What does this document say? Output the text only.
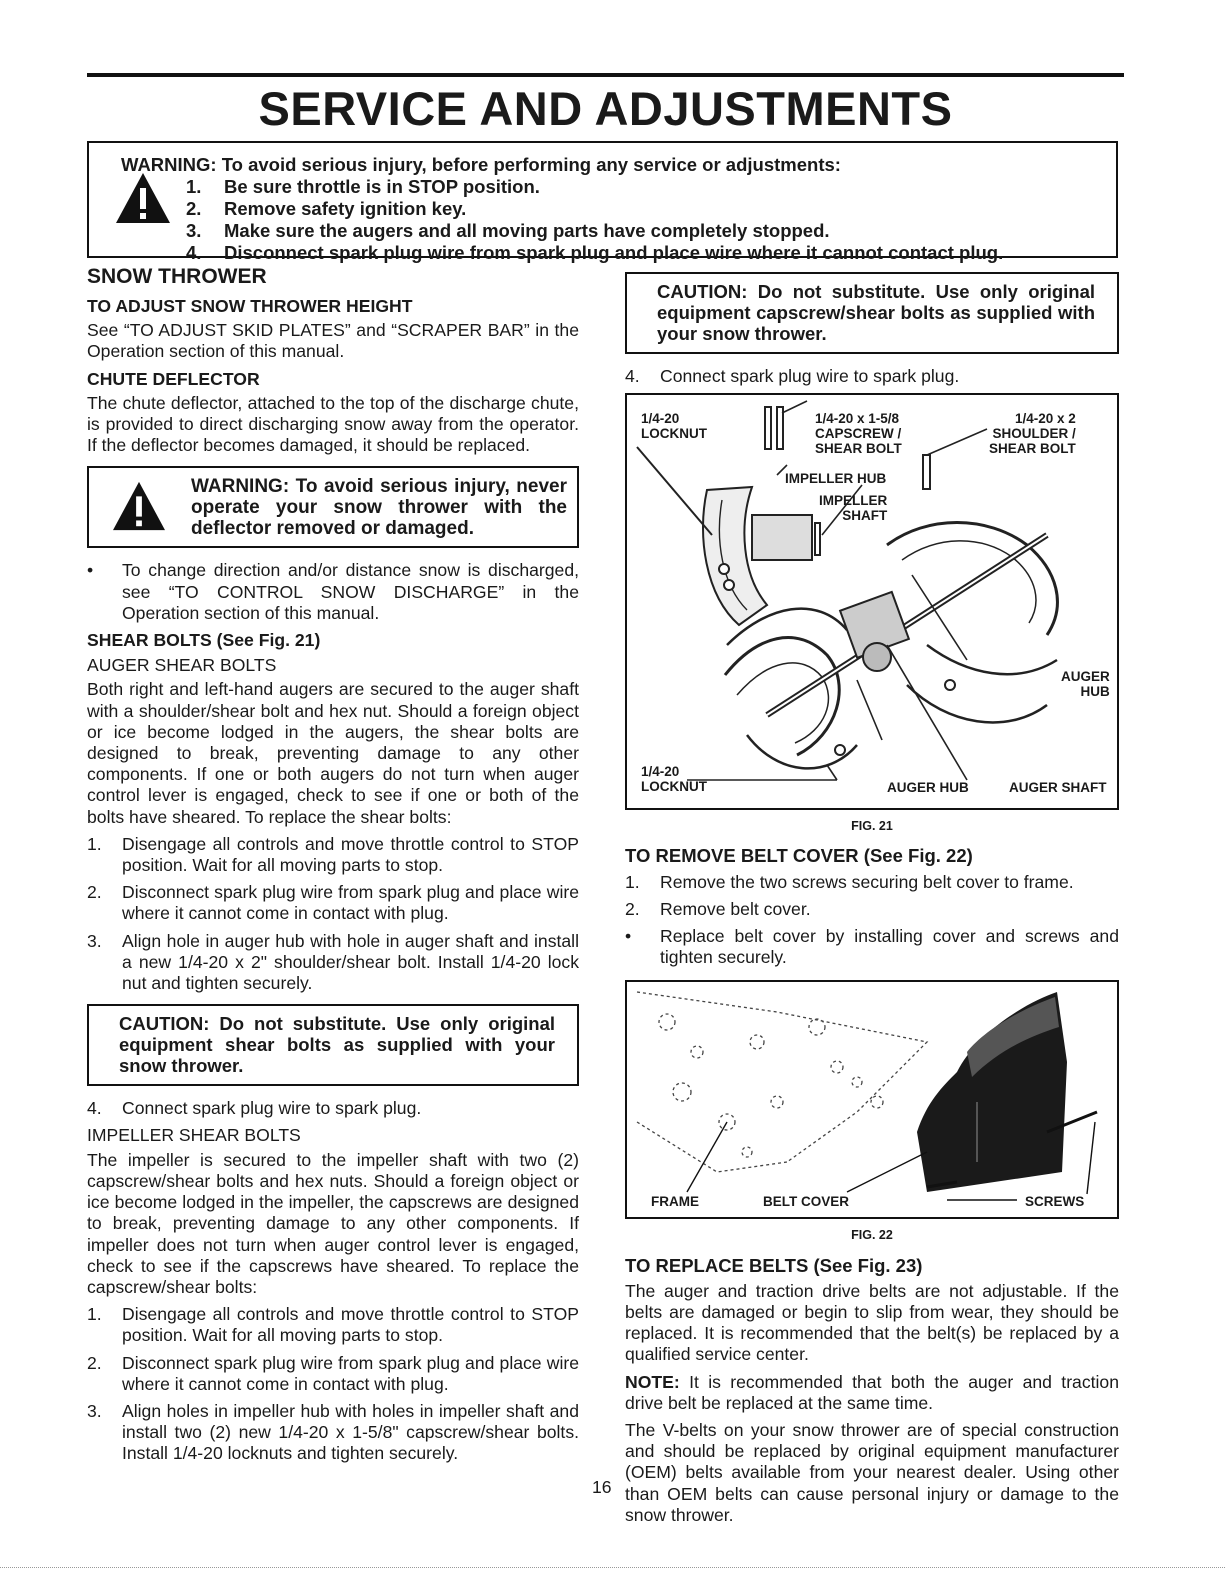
SERVICE AND ADJUSTMENTS
WARNING: To avoid serious injury, before performing any service or adjustments:
1. Be sure throttle is in STOP position.
2. Remove safety ignition key.
3. Make sure the augers and all moving parts have completely stopped.
4. Disconnect spark plug wire from spark plug and place wire where it cannot contact plug.
SNOW THROWER
TO ADJUST SNOW THROWER HEIGHT

See “TO ADJUST SKID PLATES” and “SCRAPER BAR” in the Operation section of this manual.

CHUTE DEFLECTOR

The chute deflector, attached to the top of the discharge chute, is provided to direct discharging snow away from the operator. If the deflector becomes damaged, it should be replaced.

WARNING: To avoid serious injury, never operate your snow thrower with the deflector removed or damaged.
• To change direction and/or distance snow is discharged, see “TO CONTROL SNOW DISCHARGE” in the Operation section of this manual.
SHEAR BOLTS (See Fig. 21)
AUGER SHEAR BOLTS

Both right and left-hand augers are secured to the auger shaft with a shoulder/shear bolt and hex nut. Should a foreign object or ice become lodged in the augers, the shear bolts are designed to break, preventing damage to any other components. If one or both augers do not turn when auger control lever is engaged, check to see if one or both of the bolts have sheared. To replace the shear bolts:

1. Disengage all controls and move throttle control to STOP position. Wait for all moving parts to stop.
2. Disconnect spark plug wire from spark plug and place wire where it cannot come in contact with plug.
3. Align hole in auger hub with hole in auger shaft and install a new 1/4-20 x 2" shoulder/shear bolt. Install 1/4-20 lock nut and tighten securely.
CAUTION: Do not substitute. Use only original equipment shear bolts as supplied with your snow thrower.
4. Connect spark plug wire to spark plug.
IMPELLER SHEAR BOLTS

The impeller is secured to the impeller shaft with two (2) capscrew/shear bolts and hex nuts. Should a foreign object or ice become lodged in the impeller, the capscrews are designed to break, preventing damage to any other components. If impeller does not turn when auger control lever is engaged, check to see if the capscrews have sheared. To replace the capscrew/shear bolts:

1. Disengage all controls and move throttle control to STOP position. Wait for all moving parts to stop.
2. Disconnect spark plug wire from spark plug and place wire where it cannot come in contact with plug.
3. Align holes in impeller hub with holes in impeller shaft and install two (2) new 1/4-20 x 1-5/8" capscrew/shear bolts. Install 1/4-20 locknuts and tighten securely.
CAUTION: Do not substitute. Use only original equipment capscrew/shear bolts as supplied with your snow thrower.
4. Connect spark plug wire to spark plug.
1/4-20
LOCKNUT
1/4-20 x 1-5/8
CAPSCREW /
SHEAR BOLT
1/4-20 x 2
SHOULDER /
SHEAR BOLT
IMPELLER HUB
IMPELLER
SHAFT
AUGER
HUB
1/4-20
LOCKNUT	AUGER HUB	AUGER SHAFT
FIG. 21
TO REMOVE BELT COVER (See Fig. 22)
1. Remove the two screws securing belt cover to frame.
2. Remove belt cover.
• Replace belt cover by installing cover and screws and tighten securely.
FRAME	BELT COVER	SCREWS
FIG. 22
TO REPLACE BELTS (See Fig. 23)

The auger and traction drive belts are not adjustable. If the belts are damaged or begin to slip from wear, they should be replaced. It is recommended that the belt(s) be replaced by a qualified service center.

NOTE: It is recommended that both the auger and traction drive belt be replaced at the same time.

The V-belts on your snow thrower are of special construction and should be replaced by original equipment manufacturer (OEM) belts available from your nearest dealer. Using other than OEM belts can cause personal injury or damage to the snow thrower.

16
